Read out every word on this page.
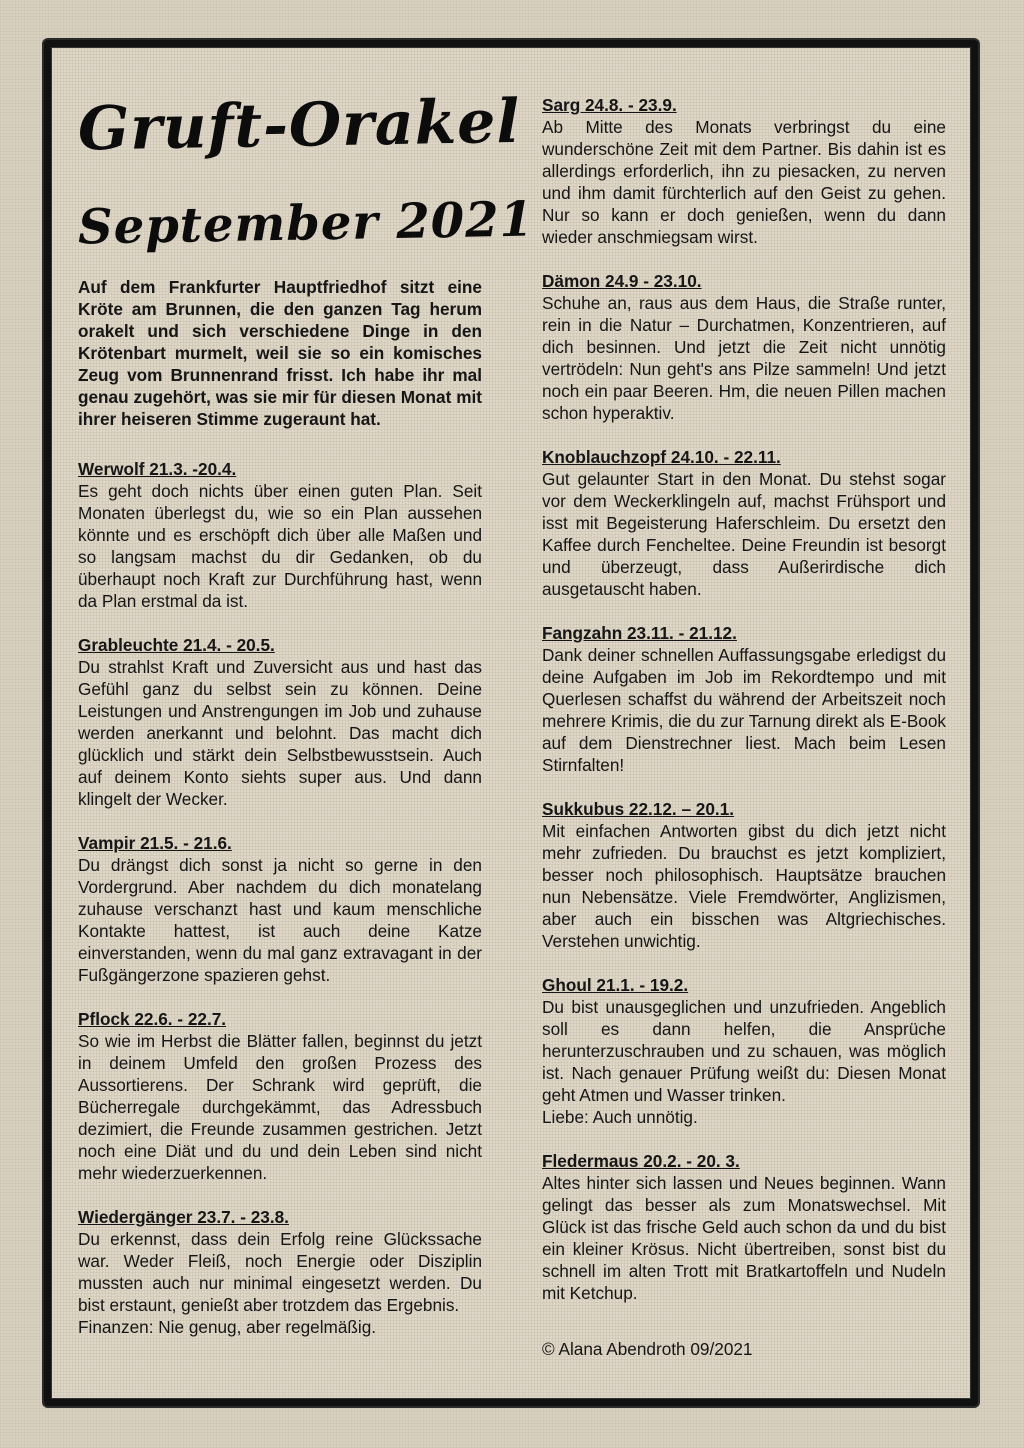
Gruft-Orakel
September 2021

Auf dem Frankfurter Hauptfriedhof sitzt eine Kröte am Brunnen, die den ganzen Tag herum orakelt und sich verschiedene Dinge in den Krötenbart murmelt, weil sie so ein komisches Zeug vom Brunnenrand frisst. Ich habe ihr mal genau zugehört, was sie mir für diesen Monat mit ihrer heiseren Stimme zugeraunt hat.

Werwolf 21.3. -20.4.

Es geht doch nichts über einen guten Plan. Seit Monaten überlegst du, wie so ein Plan aussehen könnte und es erschöpft dich über alle Maßen und so langsam machst du dir Gedanken, ob du überhaupt noch Kraft zur Durchführung hast, wenn da Plan erstmal da ist.

Grableuchte 21.4. - 20.5.

Du strahlst Kraft und Zuversicht aus und hast das Gefühl ganz du selbst sein zu können. Deine Leistungen und Anstrengungen im Job und zuhause werden anerkannt und belohnt. Das macht dich glücklich und stärkt dein Selbstbewusstsein. Auch auf deinem Konto siehts super aus. Und dann klingelt der Wecker.

Vampir 21.5. - 21.6.

Du drängst dich sonst ja nicht so gerne in den Vordergrund. Aber nachdem du dich monatelang zuhause verschanzt hast und kaum menschliche Kontakte hattest, ist auch deine Katze einverstanden, wenn du mal ganz extravagant in der Fußgängerzone spazieren gehst.

Pflock 22.6. - 22.7.

So wie im Herbst die Blätter fallen, beginnst du jetzt in deinem Umfeld den großen Prozess des Aussortierens. Der Schrank wird geprüft, die Bücherregale durchgekämmt, das Adressbuch dezimiert, die Freunde zusammen gestrichen. Jetzt noch eine Diät und du und dein Leben sind nicht mehr wiederzuerkennen.

Wiedergänger 23.7. - 23.8.

Du erkennst, dass dein Erfolg reine Glückssache war. Weder Fleiß, noch Energie oder Disziplin mussten auch nur minimal eingesetzt werden. Du bist erstaunt, genießt aber trotzdem das Ergebnis.

Finanzen: Nie genug, aber regelmäßig.

Sarg 24.8. - 23.9.

Ab Mitte des Monats verbringst du eine wunderschöne Zeit mit dem Partner. Bis dahin ist es allerdings erforderlich, ihn zu piesacken, zu nerven und ihm damit fürchterlich auf den Geist zu gehen. Nur so kann er doch genießen, wenn du dann wieder anschmiegsam wirst.

Dämon 24.9 - 23.10.

Schuhe an, raus aus dem Haus, die Straße runter, rein in die Natur – Durchatmen, Konzentrieren, auf dich besinnen. Und jetzt die Zeit nicht unnötig vertrödeln: Nun geht's ans Pilze sammeln! Und jetzt noch ein paar Beeren. Hm, die neuen Pillen machen schon hyperaktiv.

Knoblauchzopf 24.10. - 22.11.

Gut gelaunter Start in den Monat. Du stehst sogar vor dem Weckerklingeln auf, machst Frühsport und isst mit Begeisterung Haferschleim. Du ersetzt den Kaffee durch Fencheltee. Deine Freundin ist besorgt und überzeugt, dass Außerirdische dich ausgetauscht haben.

Fangzahn 23.11. - 21.12.

Dank deiner schnellen Auffassungsgabe erledigst du deine Aufgaben im Job im Rekordtempo und mit Querlesen schaffst du während der Arbeitszeit noch mehrere Krimis, die du zur Tarnung direkt als E-Book auf dem Dienstrechner liest. Mach beim Lesen Stirnfalten!

Sukkubus 22.12. – 20.1.

Mit einfachen Antworten gibst du dich jetzt nicht mehr zufrieden. Du brauchst es jetzt kompliziert, besser noch philosophisch. Hauptsätze brauchen nun Nebensätze. Viele Fremdwörter, Anglizismen, aber auch ein bisschen was Altgriechisches. Verstehen unwichtig.

Ghoul 21.1. - 19.2.

Du bist unausgeglichen und unzufrieden. Angeblich soll es dann helfen, die Ansprüche herunterzuschrauben und zu schauen, was möglich ist. Nach genauer Prüfung weißt du: Diesen Monat geht Atmen und Wasser trinken.

Liebe: Auch unnötig.

Fledermaus 20.2. - 20. 3.

Altes hinter sich lassen und Neues beginnen. Wann gelingt das besser als zum Monatswechsel. Mit Glück ist das frische Geld auch schon da und du bist ein kleiner Krösus. Nicht übertreiben, sonst bist du schnell im alten Trott mit Bratkartoffeln und Nudeln mit Ketchup.

© Alana Abendroth 09/2021
